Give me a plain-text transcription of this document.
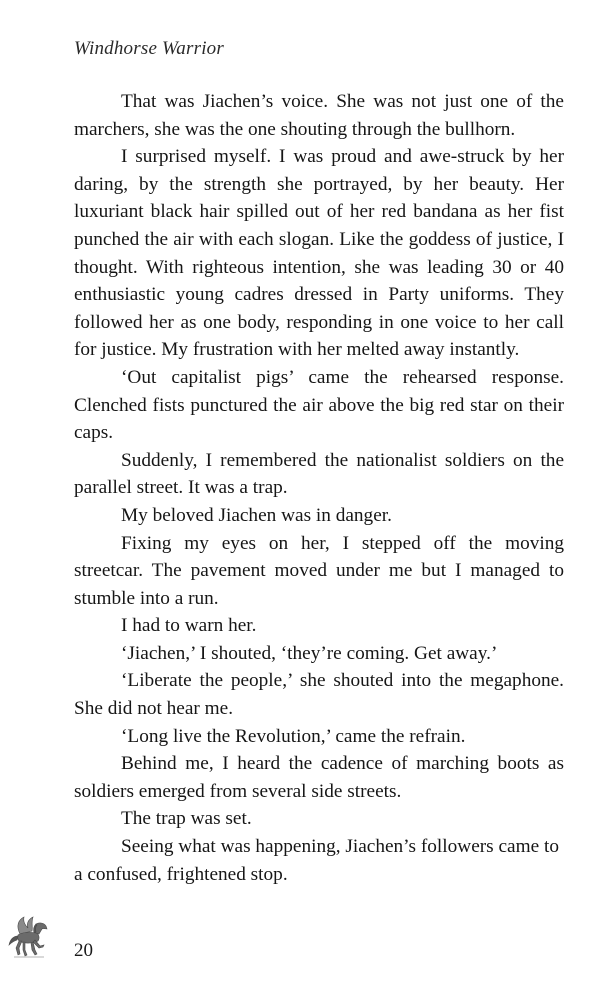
Windhorse Warrior

That was Jiachen’s voice. She was not just one of the marchers, she was the one shouting through the bullhorn.

I surprised myself. I was proud and awe-struck by her daring, by the strength she portrayed, by her beauty. Her luxuriant black hair spilled out of her red bandana as her fist punched the air with each slogan. Like the goddess of justice, I thought. With righteous intention, she was leading 30 or 40 enthusiastic young cadres dressed in Party uniforms. They followed her as one body, responding in one voice to her call for justice. My frustration with her melted away instantly.

‘Out capitalist pigs’ came the rehearsed response. Clenched fists punctured the air above the big red star on their caps.

Suddenly, I remembered the nationalist soldiers on the parallel street. It was a trap.

My beloved Jiachen was in danger.

Fixing my eyes on her, I stepped off the moving streetcar. The pavement moved under me but I managed to stumble into a run.

I had to warn her.

‘Jiachen,’ I shouted, ‘they’re coming. Get away.’

‘Liberate the people,’ she shouted into the megaphone. She did not hear me.

‘Long live the Revolution,’ came the refrain.

Behind me, I heard the cadence of marching boots as soldiers emerged from several side streets.

The trap was set.

Seeing what was happening, Jiachen’s followers came to a confused, frightened stop.

20
